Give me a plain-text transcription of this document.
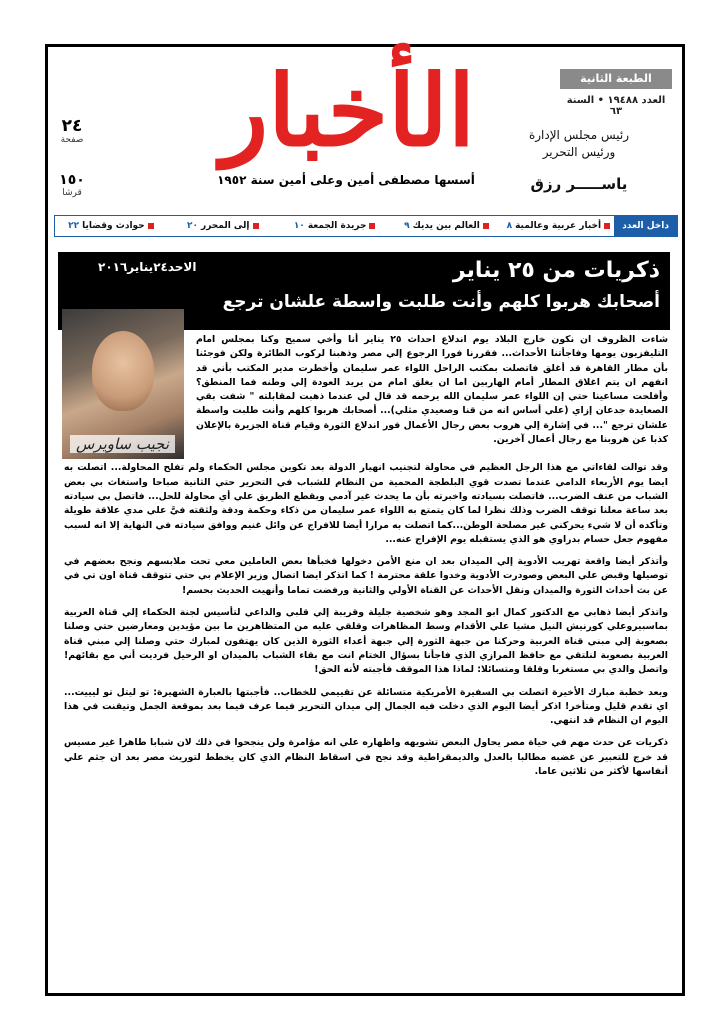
الطبعة الثانية
العدد ١٩٤٨٨ • السنة ٦٣
الأخبار
أسسها مصطفى أمين وعلى أمين سنة ١٩٥٢
رئيس مجلس الإدارة
ورئيس التحرير
ياســـــر رزق
٢٤
صفحة
١٥٠
قرشا
داخل العدد
أخبار عربية وعالمية
٨
العالم بين يديك
٩
جريدة الجمعة
١٠
إلى المحرر
٢٠
حوادث وقضايا
٢٢
ذكريات من ٢٥ يناير
أصحابك هربوا كلهم وأنت طلبت واسطة علشان ترجع
الاحد٢٤يناير٢٠١٦
نجيب ساويرس

شاءت الظروف ان نكون خارج البلاد يوم اندلاع احداث ٢٥ يناير أنا وأخي سميح وكنا بمجلس امام التليفزيون يومها وفاجأتنا الأحداث... فقررنا فورا الرجوع إلي مصر وذهبنا لركوب الطائرة ولكن فوجئنا بأن مطار القاهرة قد أغلق فاتصلت بمكتب الراحل اللواء عمر سليمان وأخطرت مدير المكتب بأني قد انفهم ان يتم اغلاق المطار أمام الهاربين اما ان يغلق امام من يريد العودة إلي وطنه فما المنطق؟ وأفلحت مساعينا حتي إن اللواء عمر سليمان الله يرحمه قد قال لي عندما ذهبت لمقابلته " شفت بقي الصعايدة جدعان إزاي (علي أساس انه من قنا وصعيدي مثلي)... أصحابك هربوا كلهم وأنت طلبت واسطة علشان ترجع "... في إشارة إلي هروب بعض رجال الأعمال فور اندلاع الثورة وقيام قناة الجزيرة بالإعلان كذبا عن هروبنا مع رجال أعمال آخرين.

وقد توالت لقاءاتي مع هذا الرجل العظيم في محاولة لتجنيب انهيار الدولة بعد تكوين مجلس الحكماء ولم تفلح المحاولة... اتصلت به ايضا يوم الأربعاء الدامي عندما تصدت قوي البلطجة المحمية من النظام للشباب في التحرير حتي الثانية صباحا واستغاث بي بعض الشباب من عنف الضرب... فاتصلت بسيادته واخبرته بأن ما يحدث غير آدمي ويقطع الطريق علي أي محاولة للحل... فاتصل بي سيادته بعد ساعة معلنا توقف الضرب وذلك نظرا لما كان يتمتع به اللواء عمر سليمان من ذكاء وحكمة ودقة ولثقته فيَّ علي مدي علاقة طويلة وتأكده أن لا شيء يحركني غير مصلحة الوطن...كما اتصلت به مرارا أيضا للافراج عن وائل غنيم ووافق سيادته في النهاية إلا انه لسبب مفهوم جعل حسام بدراوي هو الذي يستقبله يوم الإفراج عنه...

وأتذكر أيضا واقعة تهريب الأدوية إلي الميدان بعد ان منع الأمن دخولها فخبأها بعض العاملين معي تحت ملابسهم ونجح بعضهم في توصيلها وقبض علي البعض وصودرت الأدوية وخدوا علقة محترمة ! كما اتذكر ايضا اتصال وزير الإعلام بي حتي تتوقف قناة اون تي في عن بث أحداث الثورة والميدان ونقل الأحداث عن القناة الأولي والثانية ورفضت تماما وأنهيت الحديث بحسم!

واتذكر أيضا ذهابي مع الدكتور كمال ابو المجد وهو شخصية جليلة وقريبة إلي قلبي والداعي لتأسيس لجنة الحكماء إلي قناة العربية بماسبيروعلي كورنيش النيل مشيا علي الأقدام وسط المظاهرات وقلقي عليه من المتظاهرين ما بين مؤيدين ومعارضين حتي وصلنا بصعوبة إلي مبني قناة العربية وحركنا من جبهة الثورة إلي جبهة أعداء الثورة الذين كان يهتفون لمبارك حتي وصلنا إلي مبني قناة العربية بصعوبة لنلتقي مع حافظ المرازي الذي فاجأنا بسؤال الختام انت مع بقاء الشباب بالميدان او الرحيل فرديت أني مع بقائهم! واتصل والدي بي مستغربا وقلقا ومتسائلا: لماذا هذا الموقف فأجبته لأنه الحق!

وبعد خطبة مبارك الأخيرة اتصلت بي السفيرة الأمريكية متسائلة عن تقييمي للخطاب.. فأجبتها بالعبارة الشهيرة: تو ليتل تو ليييت... اي تقدم قليل ومتأخر! اذكر أيضا اليوم الذي دخلت فيه الجمال إلي ميدان التحرير فيما عرف فيما بعد بموقعة الجمل وتيقنت في هذا اليوم ان النظام قد انتهي.

ذكريات عن حدث مهم في حياة مصر يحاول البعض تشويهه واظهاره علي انه مؤامرة ولن ينجحوا في ذلك لان شبابا طاهرا غير مسيس قد خرج للتعبير عن غضبه مطالبا بالعدل والديمقراطية وقد نجح في اسقاط النظام الذي كان يخطط لتوريث مصر بعد ان جثم علي أنفاسها لأكثر من ثلاثين عاما.
